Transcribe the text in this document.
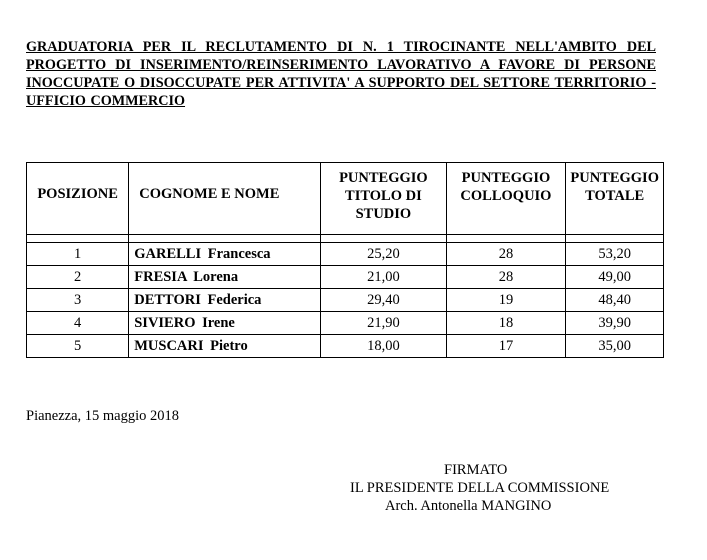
GRADUATORIA PER IL RECLUTAMENTO DI N. 1 TIROCINANTE NELL'AMBITO DEL PROGETTO DI INSERIMENTO/REINSERIMENTO LAVORATIVO A FAVORE DI PERSONE INOCCUPATE O DISOCCUPATE PER ATTIVITA' A SUPPORTO DEL SETTORE TERRITORIO - UFFICIO COMMERCIO
POSIZIONE	COGNOME E NOME	PUNTEGGIO TITOLO DI STUDIO	PUNTEGGIO COLLOQUIO	PUNTEGGIO TOTALE

1	GARELLI Francesca	25,20	28	53,20
2	FRESIA Lorena	21,00	28	49,00
3	DETTORI Federica	29,40	19	48,40
4	SIVIERO Irene	21,90	18	39,90
5	MUSCARI Pietro	18,00	17	35,00
Pianezza, 15 maggio 2018
FIRMATO
IL PRESIDENTE DELLA COMMISSIONE
Arch. Antonella MANGINO
